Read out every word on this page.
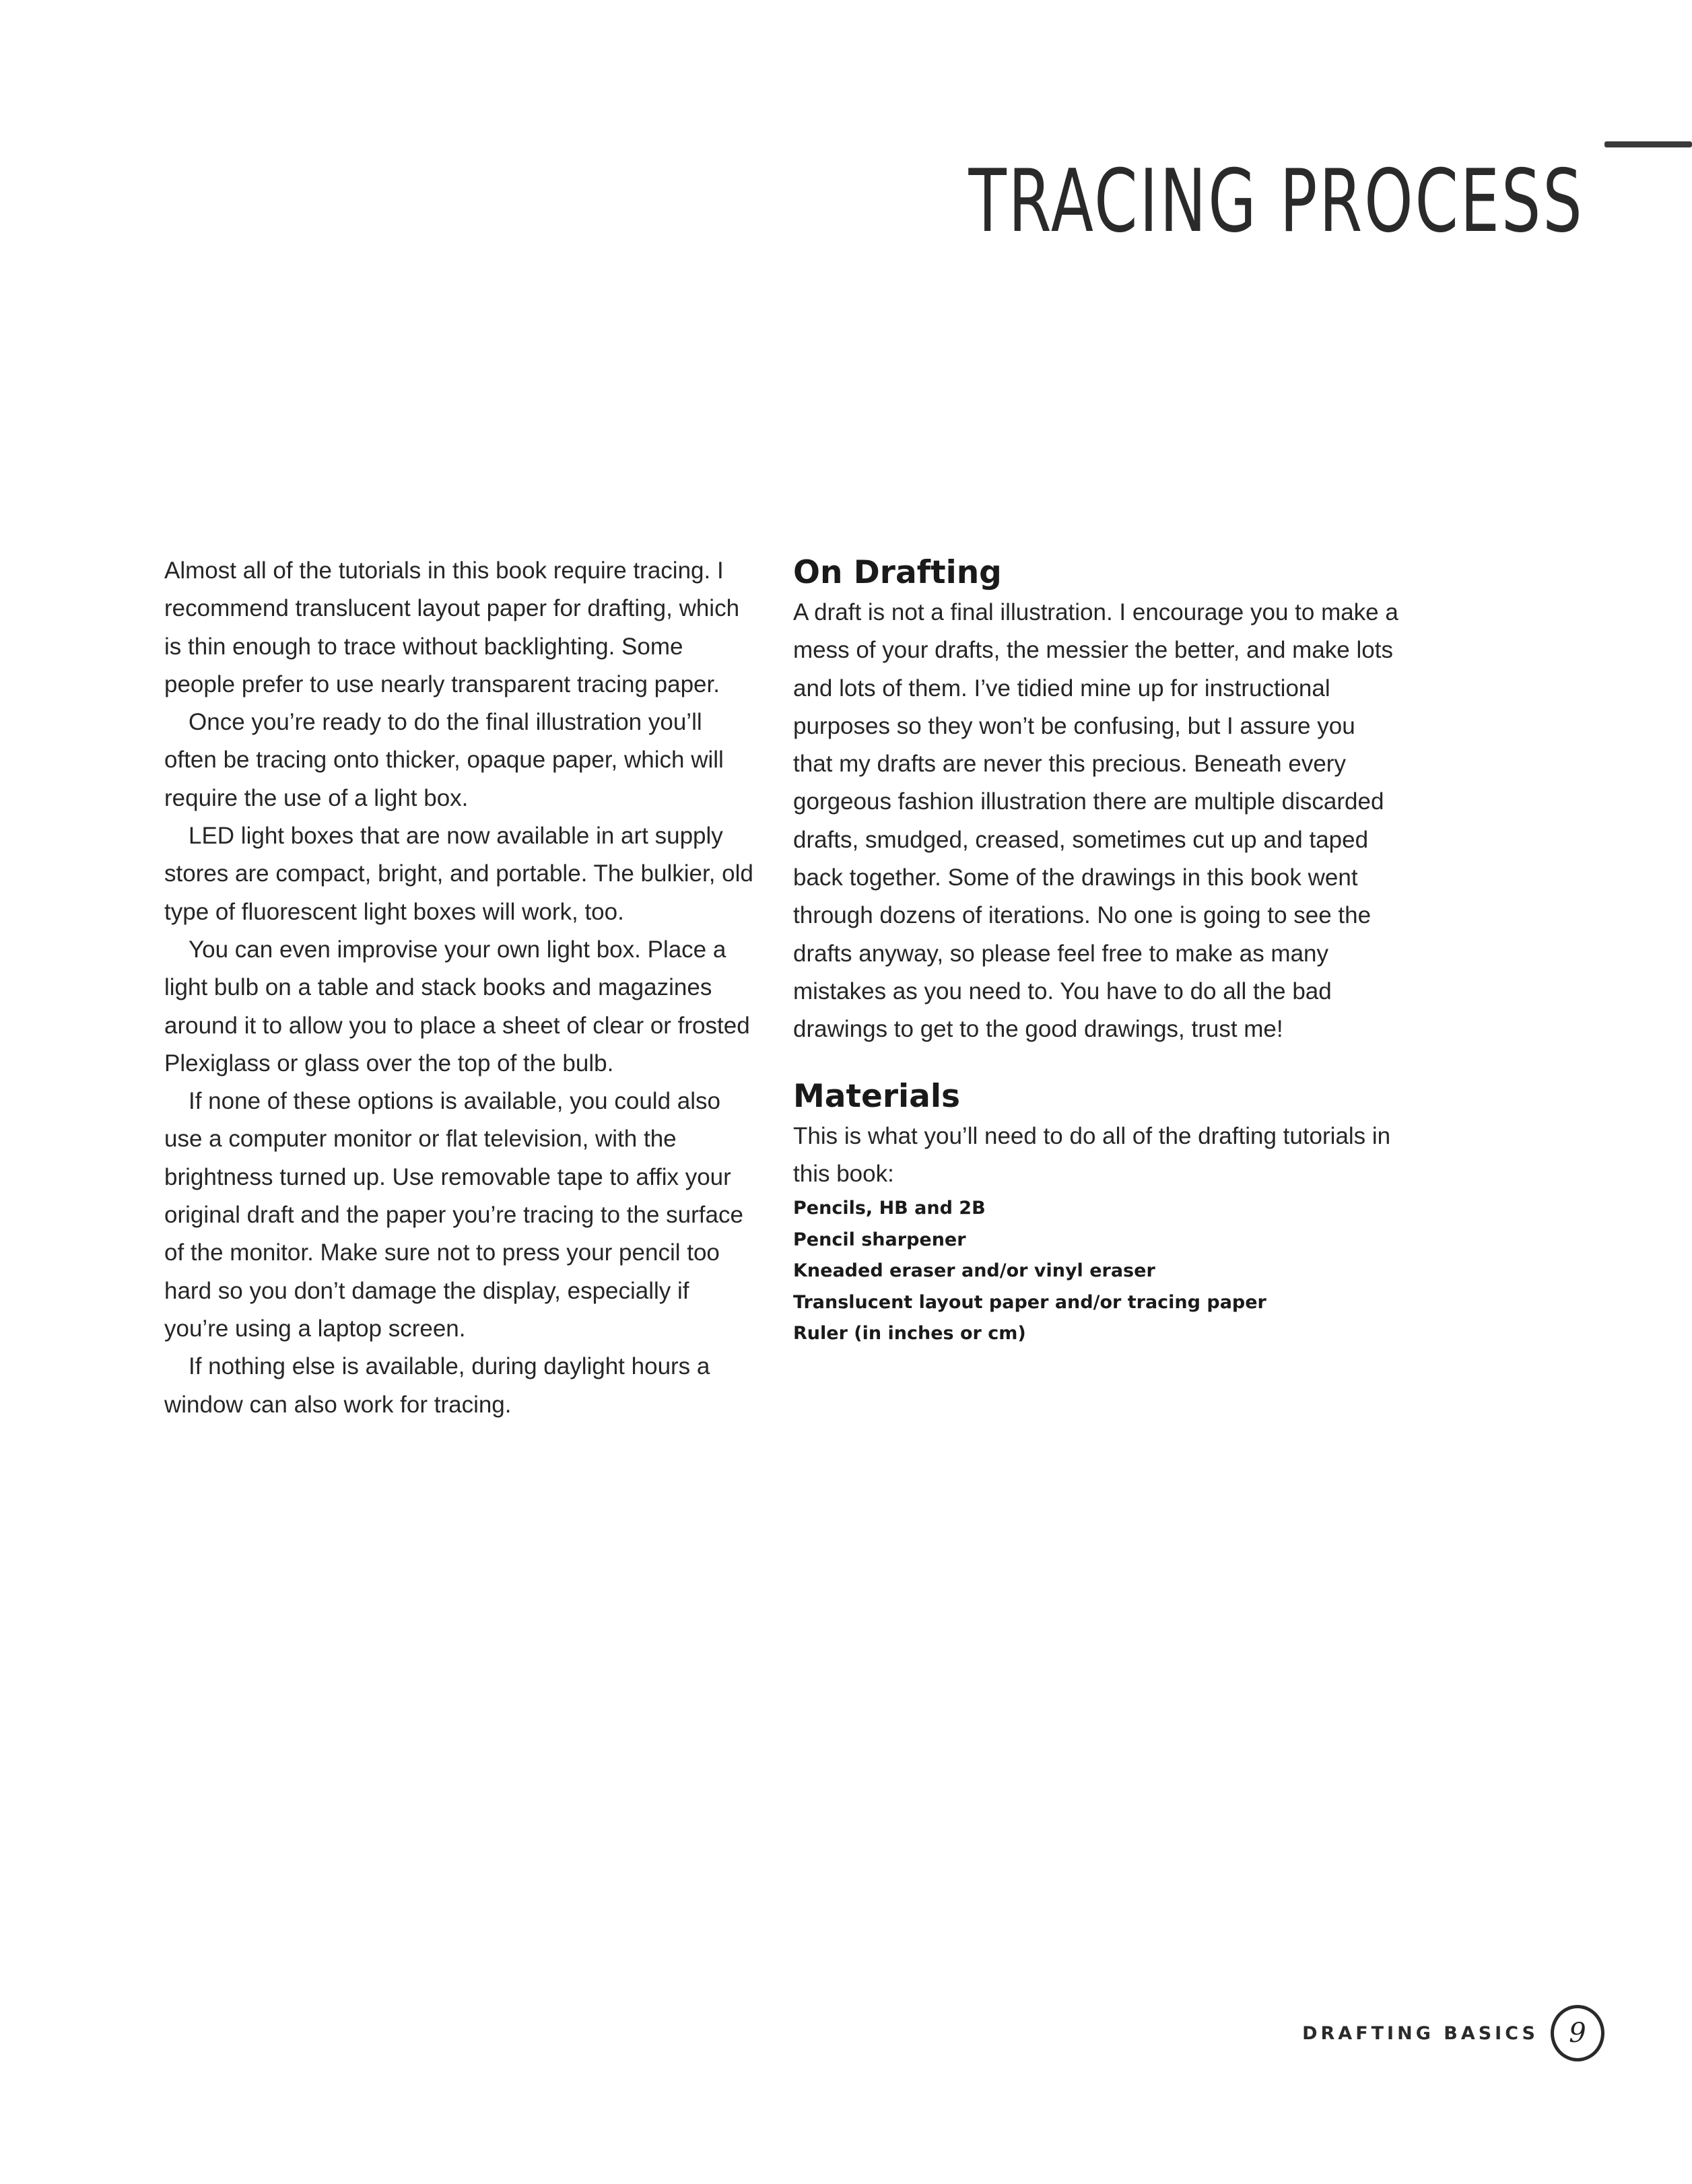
TRACING PROCESS

Almost all of the tutorials in this book require tracing. I recommend translucent layout paper for drafting, which is thin enough to trace without backlighting. Some people prefer to use nearly transparent tracing paper.

Once you’re ready to do the final illustration you’ll often be tracing onto thicker, opaque paper, which will require the use of a light box.

LED light boxes that are now available in art supply stores are compact, bright, and portable. The bulkier, old type of fluorescent light boxes will work, too.

You can even improvise your own light box. Place a light bulb on a table and stack books and magazines around it to allow you to place a sheet of clear or frosted Plexiglass or glass over the top of the bulb.

If none of these options is available, you could also use a computer monitor or flat television, with the brightness turned up. Use removable tape to affix your original draft and the paper you’re tracing to the surface of the monitor. Make sure not to press your pencil too hard so you don’t damage the display, especially if you’re using a laptop screen.

If nothing else is available, during daylight hours a window can also work for tracing.

On Drafting

A draft is not a final illustration. I encourage you to make a mess of your drafts, the messier the better, and make lots and lots of them. I’ve tidied mine up for instructional purposes so they won’t be confusing, but I assure you that my drafts are never this precious. Beneath every gorgeous fashion illustration there are multiple discarded drafts, smudged, creased, sometimes cut up and taped back together. Some of the drawings in this book went through dozens of iterations. No one is going to see the drafts anyway, so please feel free to make as many mistakes as you need to. You have to do all the bad drawings to get to the good drawings, trust me!

Materials

This is what you’ll need to do all of the drafting tutorials in this book:

Pencils, HB and 2B
Pencil sharpener
Kneaded eraser and/or vinyl eraser
Translucent layout paper and/or tracing paper
Ruler (in inches or cm)
DRAFTING BASICS	9
